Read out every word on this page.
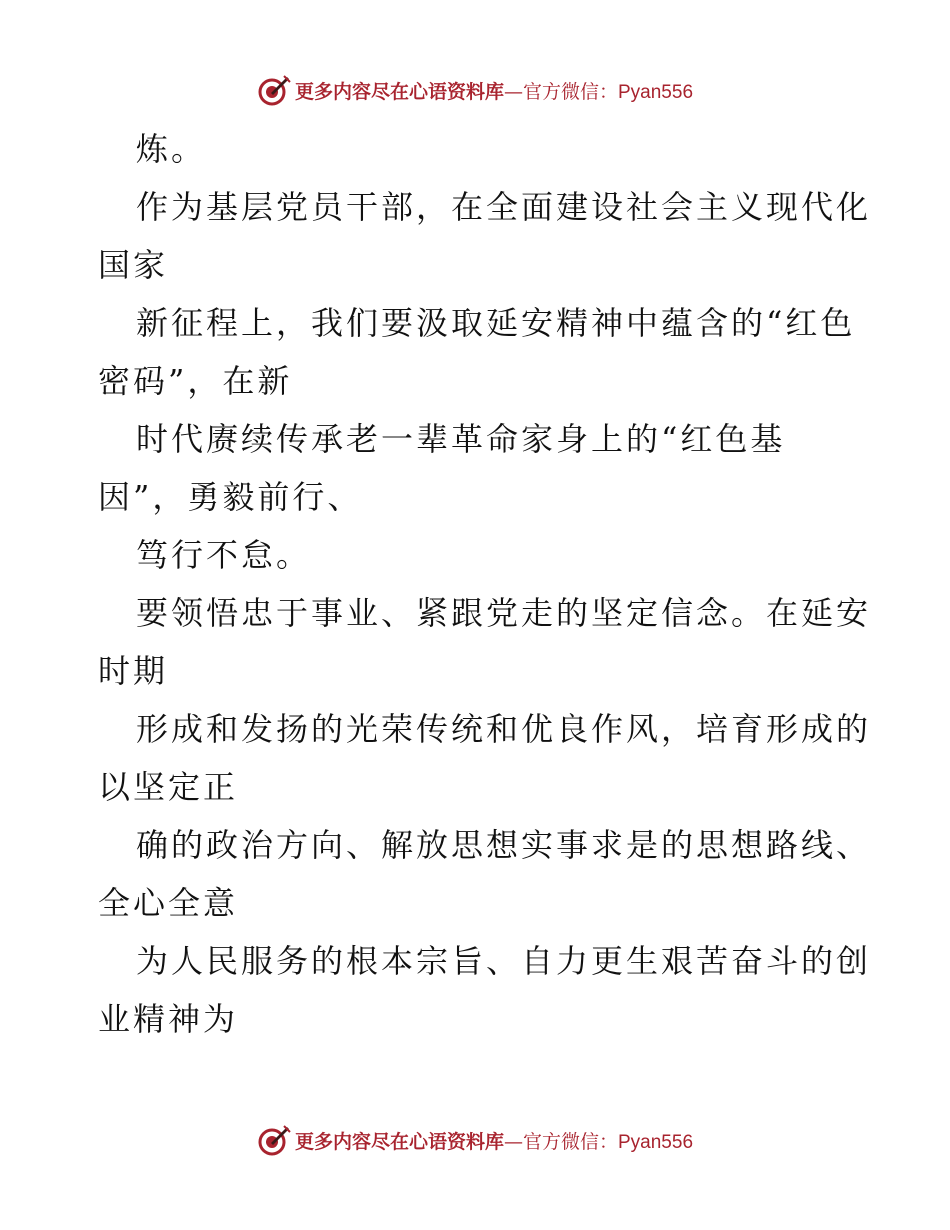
更多内容尽在心语资料库—官方微信：Pyan556
炼。
作为基层党员干部，在全面建设社会主义现代化
国家
新征程上，我们要汲取延安精神中蕴含的“红色
密码”，在新
时代赓续传承老一辈革命家身上的“红色基
因”，勇毅前行、
笃行不怠。
要领悟忠于事业、紧跟党走的坚定信念。在延安
时期
形成和发扬的光荣传统和优良作风，培育形成的
以坚定正
确的政治方向、解放思想实事求是的思想路线、
全心全意
为人民服务的根本宗旨、自力更生艰苦奋斗的创
业精神为
更多内容尽在心语资料库—官方微信：Pyan556
